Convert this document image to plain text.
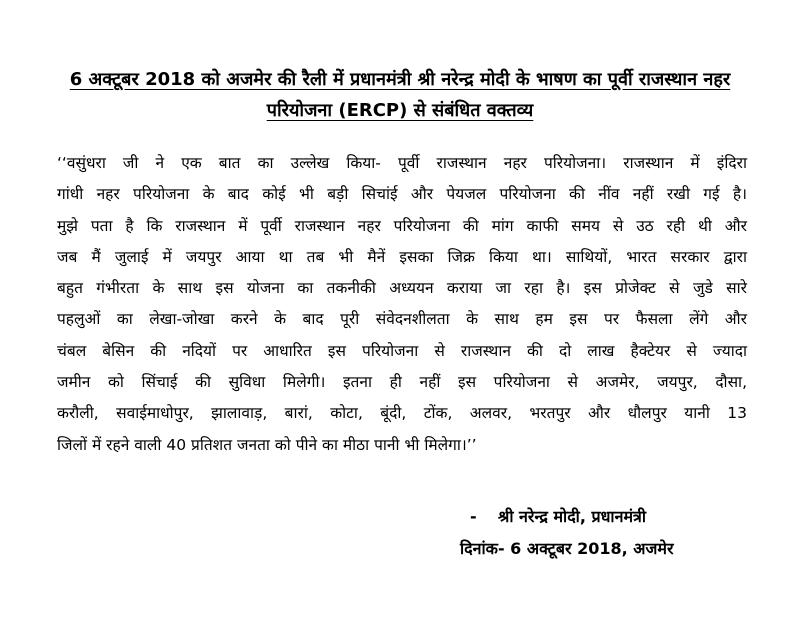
6 अक्टूबर 2018 को अजमेर की रैली में प्रधानमंत्री श्री नरेन्द्र मोदी के भाषण का पूर्वी राजस्थान नहर
परियोजना (ERCP) से संबंधित वक्तव्य
‘‘वसुंधरा जी ने एक बात का उल्लेख किया- पूर्वी राजस्थान नहर परियोजना। राजस्थान में इंदिरा
गांधी नहर परियोजना के बाद कोई भी बड़ी सिचांई और पेयजल परियोजना की नींव नहीं रखी गई है।
मुझे पता है कि राजस्थान में पूर्वी राजस्थान नहर परियोजना की मांग काफी समय से उठ रही थी और
जब मैं जुलाई में जयपुर आया था तब भी मैनें इसका जिक्र किया था। साथियों, भारत सरकार द्वारा
बहुत गंभीरता के साथ इस योजना का तकनीकी अध्ययन कराया जा रहा है। इस प्रोजेक्ट से जुडे सारे
पहलुओं का लेखा-जोखा करने के बाद पूरी संवेदनशीलता के साथ हम इस पर फैसला लेंगे और
चंबल बेसिन की नदियों पर आधारित इस परियोजना से राजस्थान की दो लाख हैक्टेयर से ज्यादा
जमीन को सिंचाई की सुविधा मिलेगी। इतना ही नहीं इस परियोजना से अजमेर, जयपुर, दौसा,
करौली, सवाईमाधोपुर, झालावाड़, बारां, कोटा, बूंदी, टोंक, अलवर, भरतपुर और धौलपुर यानी 13
जिलों में रहने वाली 40 प्रतिशत जनता को पीने का मीठा पानी भी मिलेगा।’’
- श्री नरेन्द्र मोदी, प्रधानमंत्री
दिनांक- 6 अक्टूबर 2018, अजमेर
